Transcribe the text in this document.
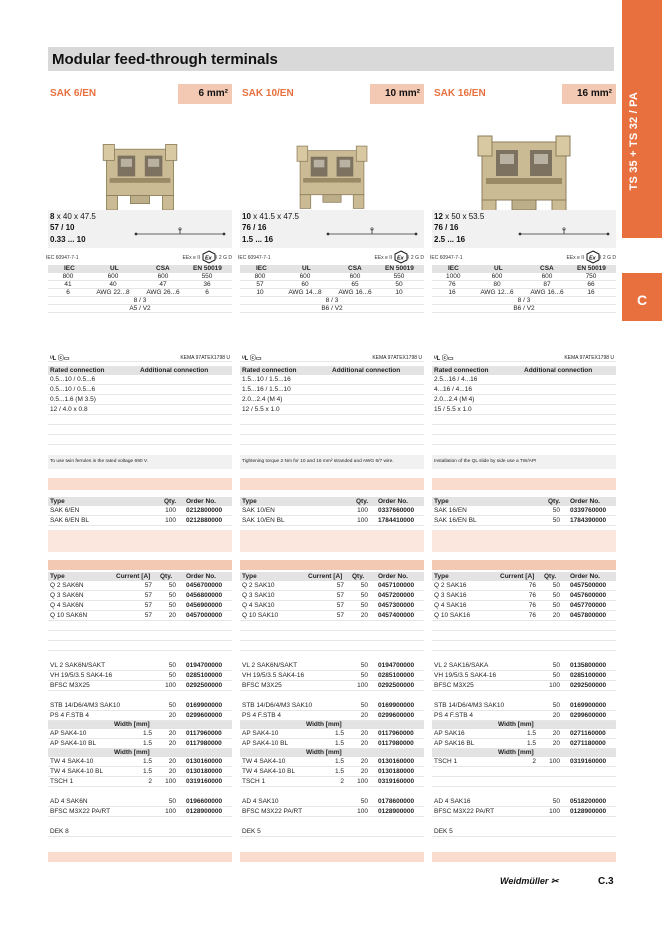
TS 35 + TS 32 / PA
C
Modular feed-through terminals
SAK 6/EN	6 mm²
8 x 40 x 47.5
57 / 10
0.33 ... 10
IEC 60947-7-1	EEx e II Ex II 2 G D
IEC	UL	CSA	EN 50019
800	600	600	550
41	40	47	36
6	AWG 22...8	AWG 26...6	6
8 / 3
A5 / V2
ᵁL ⓒ▭	KEMA 97ATEX1798 U
Rated connection	Additional connection
0.5...10 / 0.5...6
0.5...10 / 0.5...6
0.5...1.6 (M 3.5)
12 / 4.0 x 0.8
To use twin ferrules is the rated voltage 690 V.
Type	Qty. Order No.
SAK 6/EN	100 0212800000
SAK 6/EN BL	100 0212880000
Type	Current [A] Qty. Order No.
Q 2 SAK6N	57	50 0456700000
Q 3 SAK6N	57	50 0456800000
Q 4 SAK6N	57	50 0456900000
Q 10 SAK6N	57	20 0457000000
VL 2 SAK6N/SAKT	50 0194700000
VH 19/5/3.5 SAK4-16	50 0285100000
BFSC M3X25	100 0292500000
STB 14/D6/4/M3 SAK10	50 0169900000
PS 4 F.STB 4	20 0299600000
Width [mm]
AP SAK4-10	1.5	20 0117960000
AP SAK4-10 BL	1.5	20 0117980000
Width [mm]
TW 4 SAK4-10	1.5	20 0130160000
TW 4 SAK4-10 BL	1.5	20 0130180000
TSCH 1	2	100 0319160000
AD 4 SAK6N	50 0196600000
BFSC M3X22 PA/RT	100 0128900000
DEK 8
SAK 10/EN	10 mm²
10 x 41.5 x 47.5
76 / 16
1.5 ... 16
IEC 60947-7-1	EEx e II Ex II 2 G D
IEC	UL	CSA	EN 50019
800	600	600	550
57	60	65	50
10	AWG 14...8	AWG 16...6	10
8 / 3
B6 / V2
ᵁL ⓒ▭	KEMA 97ATEX1798 U
Rated connection	Additional connection
1.5...10 / 1.5...16
1.5...16 / 1.5...10
2.0...2.4 (M 4)
12 / 5.5 x 1.0
Tightening torque 2 Nm for 10 and 16 mm² stranded and AWG 6/7 wire.
Type	Qty. Order No.
SAK 10/EN	100 0337660000
SAK 10/EN BL	100 1784410000
Type	Current [A] Qty. Order No.
Q 2 SAK10	57	50 0457100000
Q 3 SAK10	57	50 0457200000
Q 4 SAK10	57	50 0457300000
Q 10 SAK10	57	20 0457400000
VL 2 SAK6N/SAKT	50 0194700000
VH 19/5/3.5 SAK4-16	50 0285100000
BFSC M3X25	100 0292500000
STB 14/D6/4/M3 SAK10	50 0169900000
PS 4 F.STB 4	20 0299600000
Width [mm]
AP SAK4-10	1.5	20 0117960000
AP SAK4-10 BL	1.5	20 0117980000
Width [mm]
TW 4 SAK4-10	1.5	20 0130160000
TW 4 SAK4-10 BL	1.5	20 0130180000
TSCH 1	2	100 0319160000
AD 4 SAK10	50 0178600000
BFSC M3X22 PA/RT	100 0128900000
DEK 5
SAK 16/EN	16 mm²
12 x 50 x 53.5
76 / 16
2.5 ... 16
IEC 60947-7-1	EEx e II Ex II 2 G D
IEC	UL	CSA	EN 50019
1000	600	600	750
76	80	87	66
16	AWG 12...6	AWG 16...6	16
8 / 3
B6 / V2
ᵁL ⓒ▭	KEMA 97ATEX1798 U
Rated connection	Additional connection
2.5...16 / 4...16
4...16 / 4...16
2.0...2.4 (M 4)
15 / 5.5 x 1.0
Installation of the QL slide by side use a TW/AP!
Type	Qty. Order No.
SAK 16/EN	50 0339760000
SAK 16/EN BL	50 1784390000
Type	Current [A] Qty. Order No.
Q 2 SAK16	76	50 0457500000
Q 3 SAK16	76	50 0457600000
Q 4 SAK16	76	50 0457700000
Q 10 SAK16	76	20 0457800000
VL 2 SAK16/SAKA	50 0135800000
VH 19/5/3.5 SAK4-16	50 0285100000
BFSC M3X25	100 0292500000
STB 14/D6/4/M3 SAK10	50 0169900000
PS 4 F.STB 4	20 0299600000
Width [mm]
AP SAK16	1.5	20 0271160000
AP SAK16 BL	1.5	20 0271180000
Width [mm]
TSCH 1	2	100 0319160000
AD 4 SAK16	50 0518200000
BFSC M3X22 PA/RT	100 0128900000
DEK 5
Weidmüller ✂	C.3
